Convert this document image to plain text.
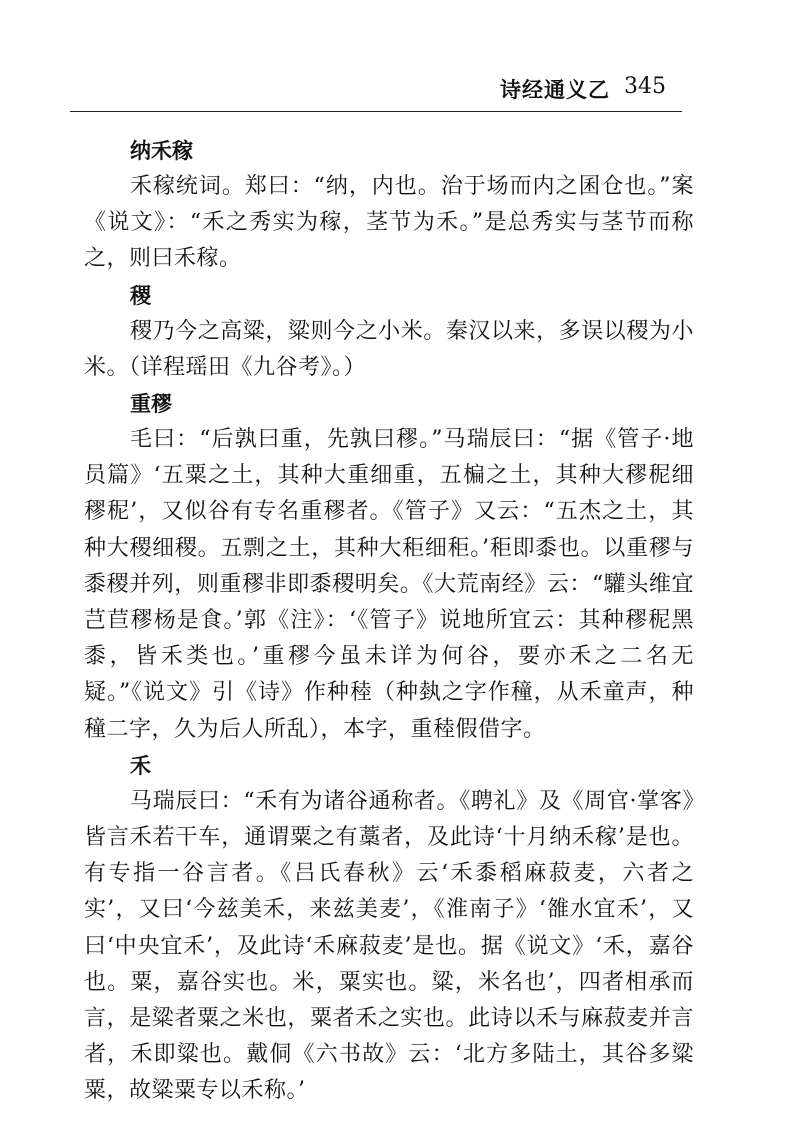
诗经通义乙 345
纳禾稼

禾稼统词。郑曰：“纳，内也。治于场而内之囷仓也。”案《说文》：“禾之秀实为稼，茎节为禾。”是总秀实与茎节而称之，则曰禾稼。

稷

稷乃今之高粱，粱则今之小米。秦汉以来，多误以稷为小米。（详程瑶田《九谷考》。）

重穋

毛曰：“后孰曰重，先孰曰穋。”马瑞辰曰：“据《管子·地员篇》‘五粟之土，其种大重细重，五楄之土，其种大穋秜细穋秜’，又似谷有专名重穋者。《管子》又云：“五杰之土，其种大稷细稷。五剽之土，其种大秬细秬。’秬即黍也。以重穋与黍稷并列，则重穋非即黍稷明矣。《大荒南经》云：“驩头维宜芑苣穋杨是食。’郭《注》：‘《管子》说地所宜云：其种穋秜黑黍，皆禾类也。’重穋今虽未详为何谷，要亦禾之二名无疑。”《说文》引《诗》作种稑（种埶之字作穜，从禾童声，种穜二字，久为后人所乱），本字，重稑假借字。

禾

马瑞辰曰：“禾有为诸谷通称者。《聘礼》及《周官·掌客》皆言禾若干车，通谓粟之有藁者，及此诗‘十月纳禾稼’是也。有专指一谷言者。《吕氏春秋》云‘禾黍稻麻菽麦，六者之实’，又曰‘今兹美禾，来兹美麦’，《淮南子》‘雒水宜禾’，又曰‘中央宜禾’，及此诗‘禾麻菽麦’是也。据《说文》‘禾，嘉谷也。粟，嘉谷实也。米，粟实也。粱，米名也’，四者相承而言，是粱者粟之米也，粟者禾之实也。此诗以禾与麻菽麦并言者，禾即粱也。戴侗《六书故》云：‘北方多陆土，其谷多粱粟，故粱粟专以禾称。’
